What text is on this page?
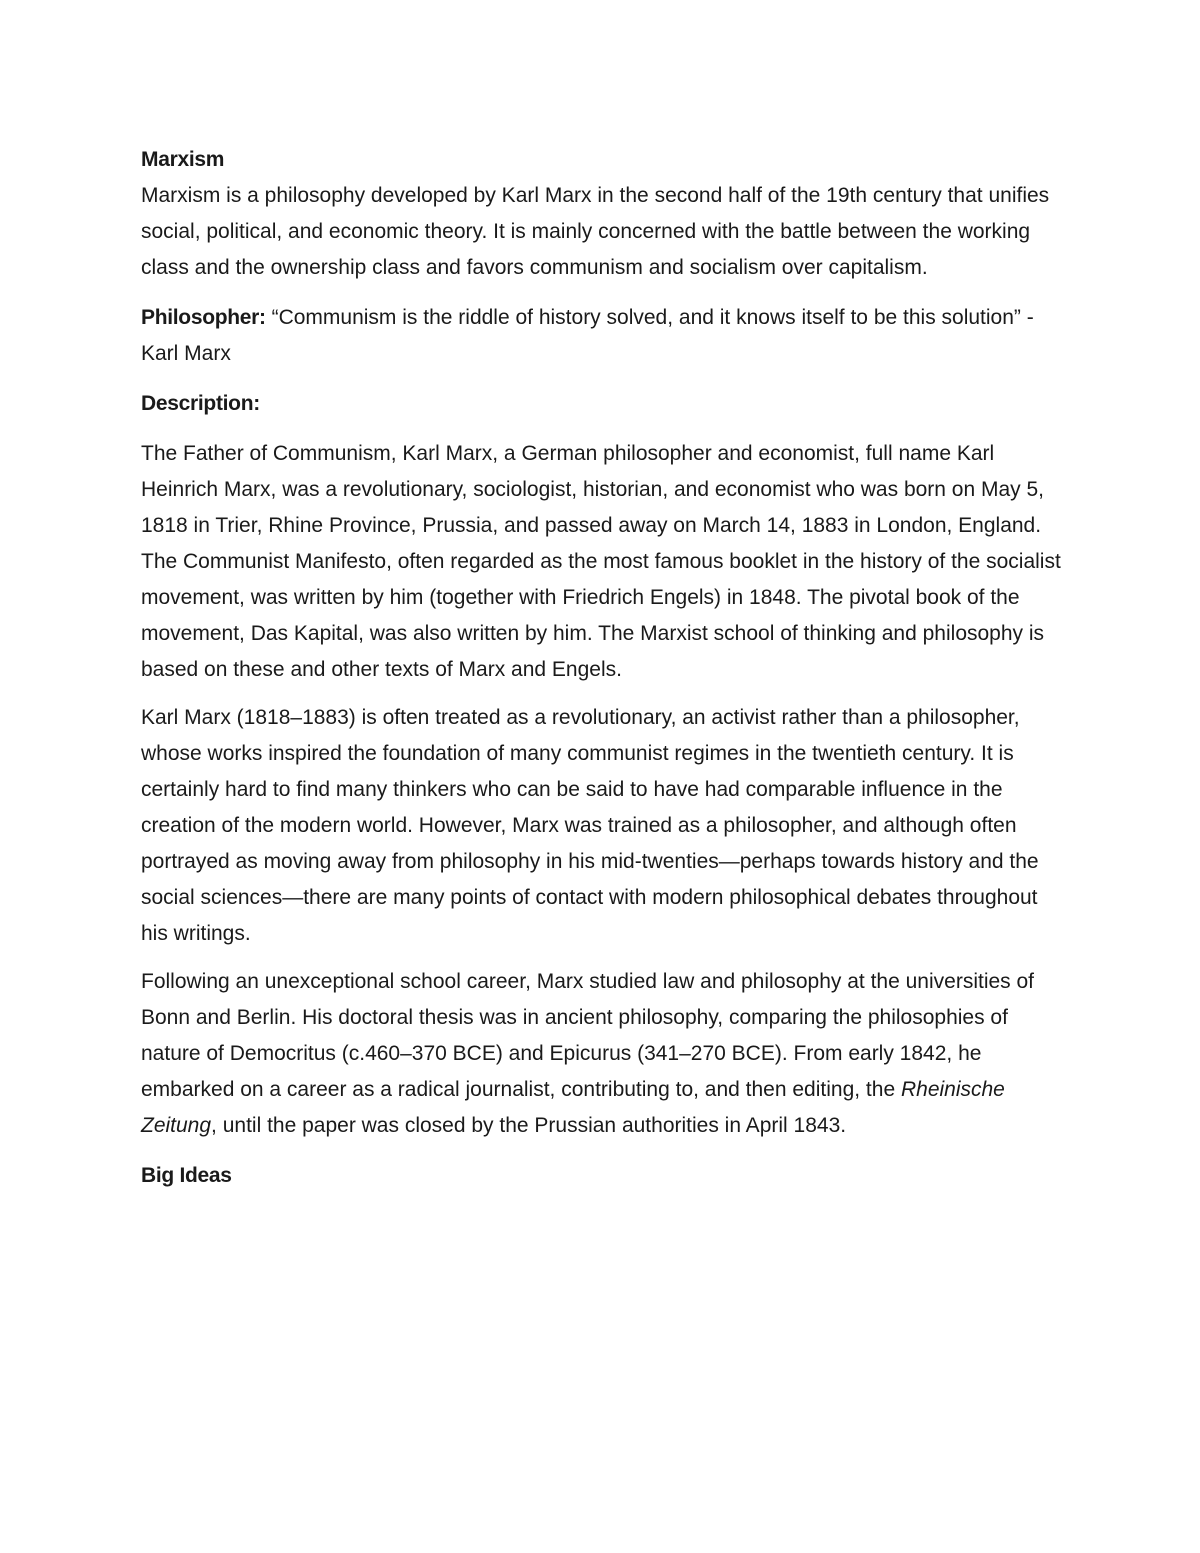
Marxism

Marxism is a philosophy developed by Karl Marx in the second half of the 19th century that unifies social, political, and economic theory. It is mainly concerned with the battle between the working class and the ownership class and favors communism and socialism over capitalism.

Philosopher: “Communism is the riddle of history solved, and it knows itself to be this solution” -Karl Marx

Description:

The Father of Communism, Karl Marx, a German philosopher and economist, full name Karl Heinrich Marx, was a revolutionary, sociologist, historian, and economist who was born on May 5, 1818 in Trier, Rhine Province, Prussia, and passed away on March 14, 1883 in London, England. The Communist Manifesto, often regarded as the most famous booklet in the history of the socialist movement, was written by him (together with Friedrich Engels) in 1848. The pivotal book of the movement, Das Kapital, was also written by him. The Marxist school of thinking and philosophy is based on these and other texts of Marx and Engels.

Karl Marx (1818–1883) is often treated as a revolutionary, an activist rather than a philosopher, whose works inspired the foundation of many communist regimes in the twentieth century. It is certainly hard to find many thinkers who can be said to have had comparable influence in the creation of the modern world. However, Marx was trained as a philosopher, and although often portrayed as moving away from philosophy in his mid-twenties—perhaps towards history and the social sciences—there are many points of contact with modern philosophical debates throughout his writings.

Following an unexceptional school career, Marx studied law and philosophy at the universities of Bonn and Berlin. His doctoral thesis was in ancient philosophy, comparing the philosophies of nature of Democritus (c.460–370 BCE) and Epicurus (341–270 BCE). From early 1842, he embarked on a career as a radical journalist, contributing to, and then editing, the Rheinische Zeitung, until the paper was closed by the Prussian authorities in April 1843.

Big Ideas
